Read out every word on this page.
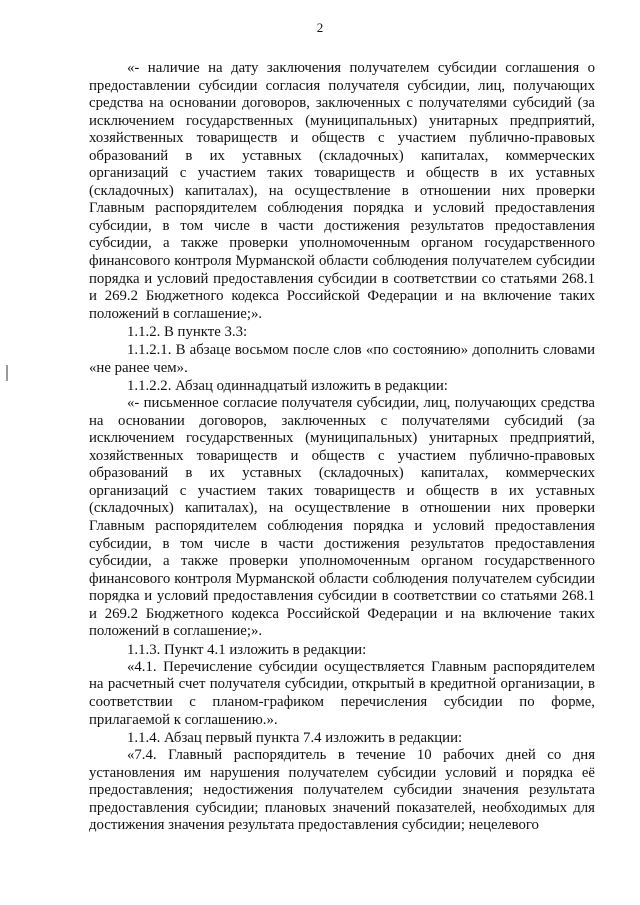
2

«- наличие на дату заключения получателем субсидии соглашения о предоставлении субсидии согласия получателя субсидии, лиц, получающих средства на основании договоров, заключенных с получателями субсидий (за исключением государственных (муниципальных) унитарных предприятий, хозяйственных товариществ и обществ с участием публично-правовых образований в их уставных (складочных) капиталах, коммерческих организаций с участием таких товариществ и обществ в их уставных (складочных) капиталах), на осуществление в отношении них проверки Главным распорядителем соблюдения порядка и условий предоставления субсидии, в том числе в части достижения результатов предоставления субсидии, а также проверки уполномоченным органом государственного финансового контроля Мурманской области соблюдения получателем субсидии порядка и условий предоставления субсидии в соответствии со статьями 268.1 и 269.2 Бюджетного кодекса Российской Федерации и на включение таких положений в соглашение;».

1.1.2. В пункте 3.3:

1.1.2.1. В абзаце восьмом после слов «по состоянию» дополнить словами «не ранее чем».

1.1.2.2. Абзац одиннадцатый изложить в редакции:

«- письменное согласие получателя субсидии, лиц, получающих средства на основании договоров, заключенных с получателями субсидий (за исключением государственных (муниципальных) унитарных предприятий, хозяйственных товариществ и обществ с участием публично-правовых образований в их уставных (складочных) капиталах, коммерческих организаций с участием таких товариществ и обществ в их уставных (складочных) капиталах), на осуществление в отношении них проверки Главным распорядителем соблюдения порядка и условий предоставления субсидии, в том числе в части достижения результатов предоставления субсидии, а также проверки уполномоченным органом государственного финансового контроля Мурманской области соблюдения получателем субсидии порядка и условий предоставления субсидии в соответствии со статьями 268.1 и 269.2 Бюджетного кодекса Российской Федерации и на включение таких положений в соглашение;».

1.1.3. Пункт 4.1 изложить в редакции:

«4.1. Перечисление субсидии осуществляется Главным распорядителем на расчетный счет получателя субсидии, открытый в кредитной организации, в соответствии с планом-графиком перечисления субсидии по форме, прилагаемой к соглашению.».

1.1.4. Абзац первый пункта 7.4 изложить в редакции:

«7.4. Главный распорядитель в течение 10 рабочих дней со дня установления им нарушения получателем субсидии условий и порядка её предоставления; недостижения получателем субсидии значения результата предоставления субсидии; плановых значений показателей, необходимых для достижения значения результата предоставления субсидии; нецелевого
